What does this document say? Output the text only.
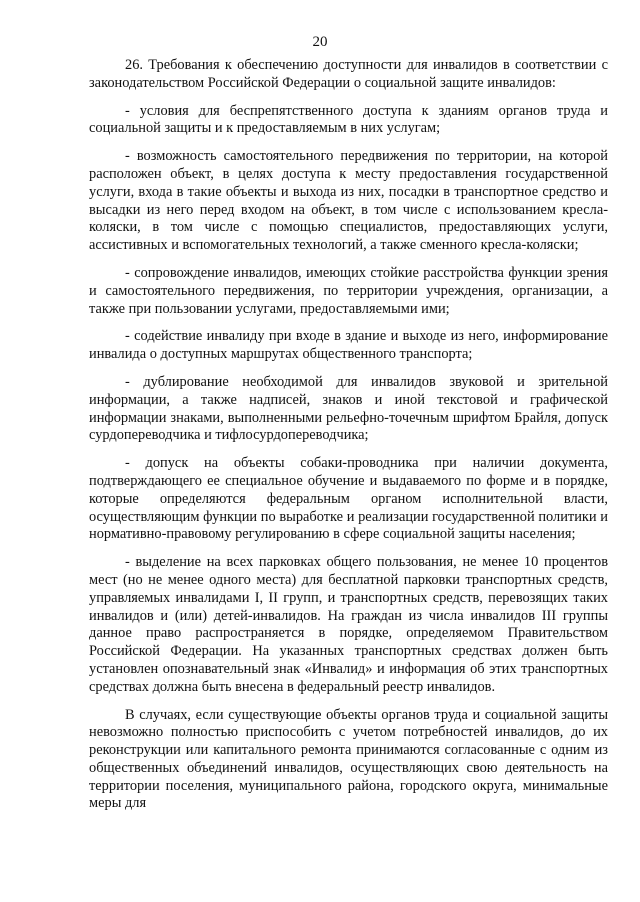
20

26. Требования к обеспечению доступности для инвалидов в соответствии с законодательством Российской Федерации о социальной защите инвалидов:

- условия для беспрепятственного доступа к зданиям органов труда и социальной защиты и к предоставляемым в них услугам;

- возможность самостоятельного передвижения по территории, на которой расположен объект, в целях доступа к месту предоставления государственной услуги, входа в такие объекты и выхода из них, посадки в транспортное средство и высадки из него перед входом на объект, в том числе с использованием кресла-коляски, в том числе с помощью специалистов, предоставляющих услуги, ассистивных и вспомогательных технологий, а также сменного кресла-коляски;

- сопровождение инвалидов, имеющих стойкие расстройства функции зрения и самостоятельного передвижения, по территории учреждения, организации, а также при пользовании услугами, предоставляемыми ими;

- содействие инвалиду при входе в здание и выходе из него, информирование инвалида о доступных маршрутах общественного транспорта;

- дублирование необходимой для инвалидов звуковой и зрительной информации, а также надписей, знаков и иной текстовой и графической информации знаками, выполненными рельефно-точечным шрифтом Брайля, допуск сурдопереводчика и тифлосурдопереводчика;

- допуск на объекты собаки-проводника при наличии документа, подтверждающего ее специальное обучение и выдаваемого по форме и в порядке, которые определяются федеральным органом исполнительной власти, осуществляющим функции по выработке и реализации государственной политики и нормативно-правовому регулированию в сфере социальной защиты населения;

- выделение на всех парковках общего пользования, не менее 10 процентов мест (но не менее одного места) для бесплатной парковки транспортных средств, управляемых инвалидами I, II групп, и транспортных средств, перевозящих таких инвалидов и (или) детей-инвалидов. На граждан из числа инвалидов III группы данное право распространяется в порядке, определяемом Правительством Российской Федерации. На указанных транспортных средствах должен быть установлен опознавательный знак «Инвалид» и информация об этих транспортных средствах должна быть внесена в федеральный реестр инвалидов.

В случаях, если существующие объекты органов труда и социальной защиты невозможно полностью приспособить с учетом потребностей инвалидов, до их реконструкции или капитального ремонта принимаются согласованные с одним из общественных объединений инвалидов, осуществляющих свою деятельность на территории поселения, муниципального района, городского округа, минимальные меры для
